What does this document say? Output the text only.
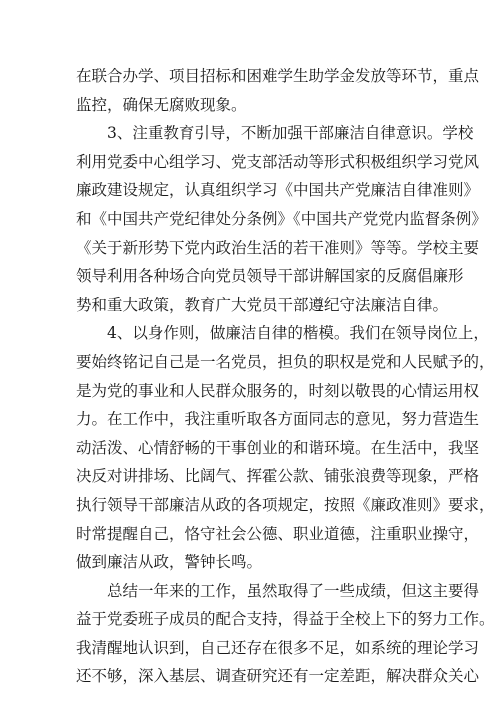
在联合办学、项目招标和困难学生助学金发放等环节，重点
监控，确保无腐败现象。
3、注重教育引导，不断加强干部廉洁自律意识。学校
利用党委中心组学习、党支部活动等形式积极组织学习党风
廉政建设规定，认真组织学习《中国共产党廉洁自律准则》
和《中国共产党纪律处分条例》《中国共产党党内监督条例》
《关于新形势下党内政治生活的若干准则》等等。学校主要
领导利用各种场合向党员领导干部讲解国家的反腐倡廉形
势和重大政策，教育广大党员干部遵纪守法廉洁自律。
4、以身作则，做廉洁自律的楷模。我们在领导岗位上，
要始终铭记自己是一名党员，担负的职权是党和人民赋予的，
是为党的事业和人民群众服务的，时刻以敬畏的心情运用权
力。在工作中，我注重听取各方面同志的意见，努力营造生
动活泼、心情舒畅的干事创业的和谐环境。在生活中，我坚
决反对讲排场、比阔气、挥霍公款、铺张浪费等现象，严格
执行领导干部廉洁从政的各项规定，按照《廉政准则》要求，
时常提醒自己，恪守社会公德、职业道德，注重职业操守，
做到廉洁从政，警钟长鸣。
总结一年来的工作，虽然取得了一些成绩，但这主要得
益于党委班子成员的配合支持，得益于全校上下的努力工作。
我清醒地认识到，自己还存在很多不足，如系统的理论学习
还不够，深入基层、调查研究还有一定差距，解决群众关心
